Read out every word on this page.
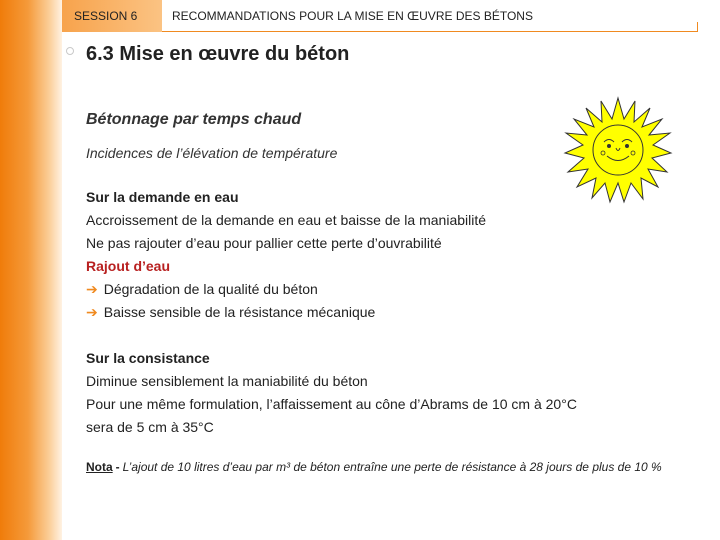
SESSION 6	RECOMMANDATIONS POUR LA MISE EN ŒUVRE DES BÉTONS
6.3 Mise en œuvre du béton
Bétonnage par temps chaud
Incidences de l’élévation de température
Sur la demande en eau
Accroissement de la demande en eau et baisse de la maniabilité
Ne pas rajouter d’eau pour pallier cette perte d’ouvrabilité
Rajout d’eau
➔ Dégradation de la qualité du béton
➔ Baisse sensible de la résistance mécanique
Sur la consistance
Diminue sensiblement la maniabilité du béton
Pour une même formulation, l’affaissement au cône d’Abrams de 10 cm à 20°C
sera de 5 cm à 35°C
Nota - L’ajout de 10 litres d’eau par m³ de béton entraîne une perte de résistance à 28 jours de plus de 10 %
